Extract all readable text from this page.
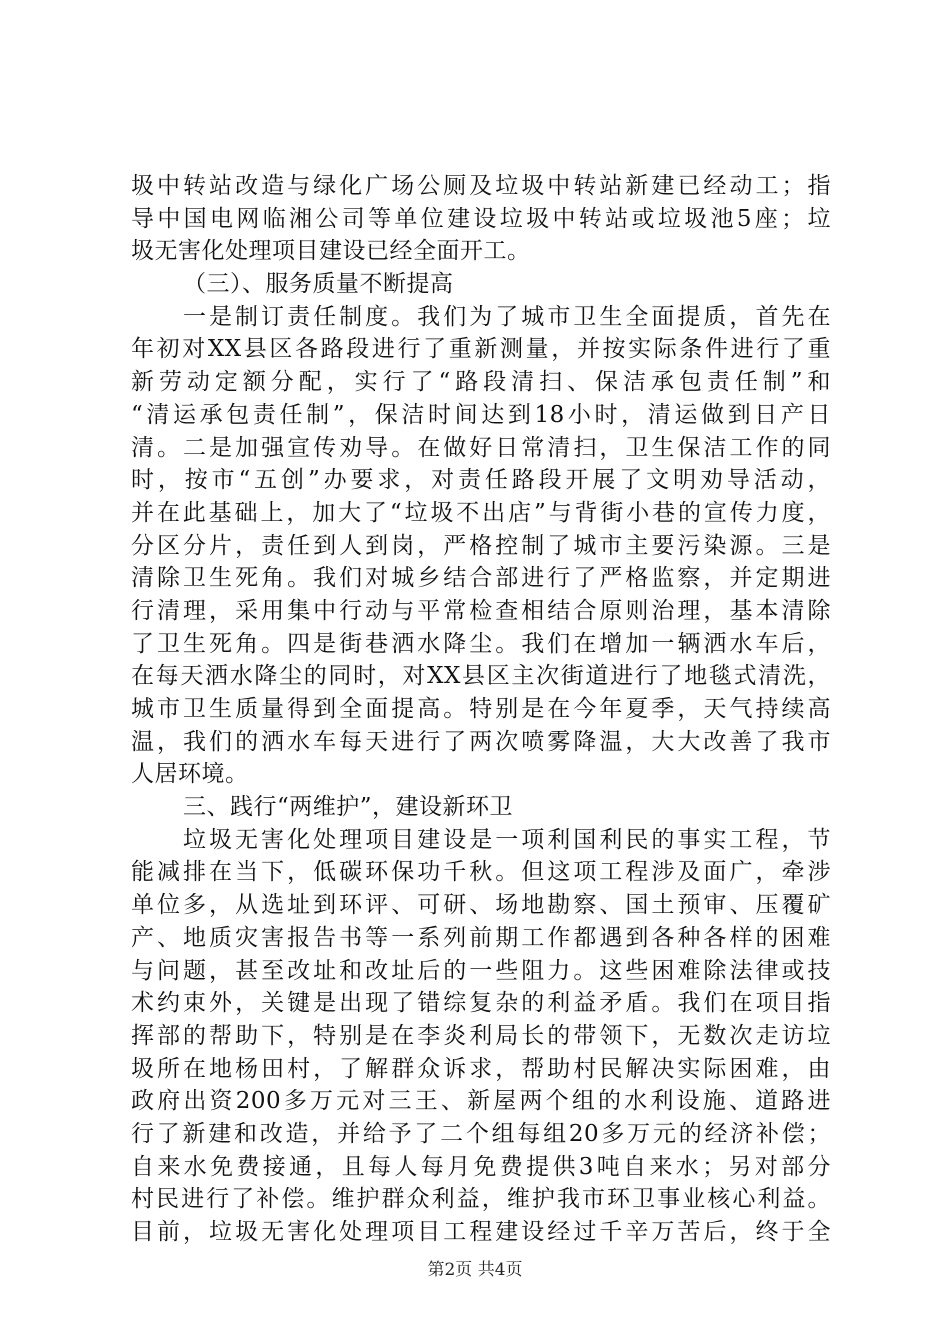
圾中转站改造与绿化广场公厕及垃圾中转站新建已经动工；指
导中国电网临湘公司等单位建设垃圾中转站或垃圾池5座；垃
圾无害化处理项目建设已经全面开工。
（三）、服务质量不断提高
一是制订责任制度。我们为了城市卫生全面提质，首先在
年初对XX县区各路段进行了重新测量，并按实际条件进行了重
新劳动定额分配，实行了“路段清扫、保洁承包责任制”和
“清运承包责任制”，保洁时间达到18小时，清运做到日产日
清。二是加强宣传劝导。在做好日常清扫，卫生保洁工作的同
时，按市“五创”办要求，对责任路段开展了文明劝导活动，
并在此基础上，加大了“垃圾不出店”与背街小巷的宣传力度，
分区分片，责任到人到岗，严格控制了城市主要污染源。三是
清除卫生死角。我们对城乡结合部进行了严格监察，并定期进
行清理，采用集中行动与平常检查相结合原则治理，基本清除
了卫生死角。四是街巷洒水降尘。我们在增加一辆洒水车后，
在每天洒水降尘的同时，对XX县区主次街道进行了地毯式清洗，
城市卫生质量得到全面提高。特别是在今年夏季，天气持续高
温，我们的洒水车每天进行了两次喷雾降温，大大改善了我市
人居环境。
三、践行“两维护”，建设新环卫
垃圾无害化处理项目建设是一项利国利民的事实工程，节
能减排在当下，低碳环保功千秋。但这项工程涉及面广，牵涉
单位多，从选址到环评、可研、场地勘察、国土预审、压覆矿
产、地质灾害报告书等一系列前期工作都遇到各种各样的困难
与问题，甚至改址和改址后的一些阻力。这些困难除法律或技
术约束外，关键是出现了错综复杂的利益矛盾。我们在项目指
挥部的帮助下，特别是在李炎利局长的带领下，无数次走访垃
圾所在地杨田村，了解群众诉求，帮助村民解决实际困难，由
政府出资200多万元对三王、新屋两个组的水利设施、道路进
行了新建和改造，并给予了二个组每组20多万元的经济补偿；
自来水免费接通，且每人每月免费提供3吨自来水；另对部分
村民进行了补偿。维护群众利益，维护我市环卫事业核心利益。
目前，垃圾无害化处理项目工程建设经过千辛万苦后，终于全
第2页 共4页
